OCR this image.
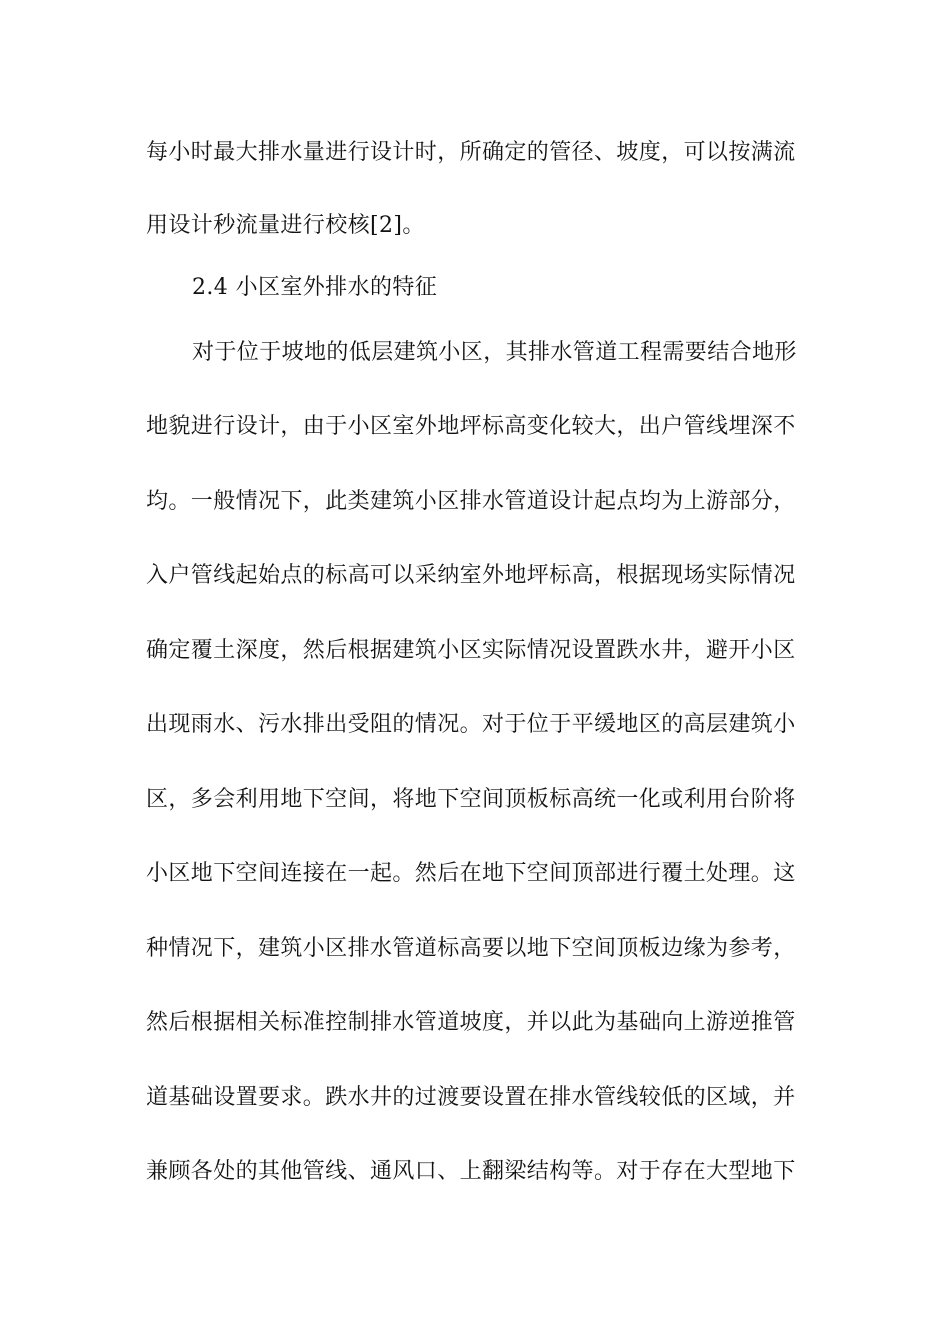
每小时最大排水量进行设计时，所确定的管径、坡度，可以按满流
用设计秒流量进行校核[2]。
2.4 小区室外排水的特征
对于位于坡地的低层建筑小区，其排水管道工程需要结合地形
地貌进行设计，由于小区室外地坪标高变化较大，出户管线埋深不
均。一般情况下，此类建筑小区排水管道设计起点均为上游部分，
入户管线起始点的标高可以采纳室外地坪标高，根据现场实际情况
确定覆土深度，然后根据建筑小区实际情况设置跌水井，避开小区
出现雨水、污水排出受阻的情况。对于位于平缓地区的高层建筑小
区，多会利用地下空间，将地下空间顶板标高统一化或利用台阶将
小区地下空间连接在一起。然后在地下空间顶部进行覆土处理。这
种情况下，建筑小区排水管道标高要以地下空间顶板边缘为参考，
然后根据相关标准控制排水管道坡度，并以此为基础向上游逆推管
道基础设置要求。跌水井的过渡要设置在排水管线较低的区域，并
兼顾各处的其他管线、通风口、上翻梁结构等。对于存在大型地下
